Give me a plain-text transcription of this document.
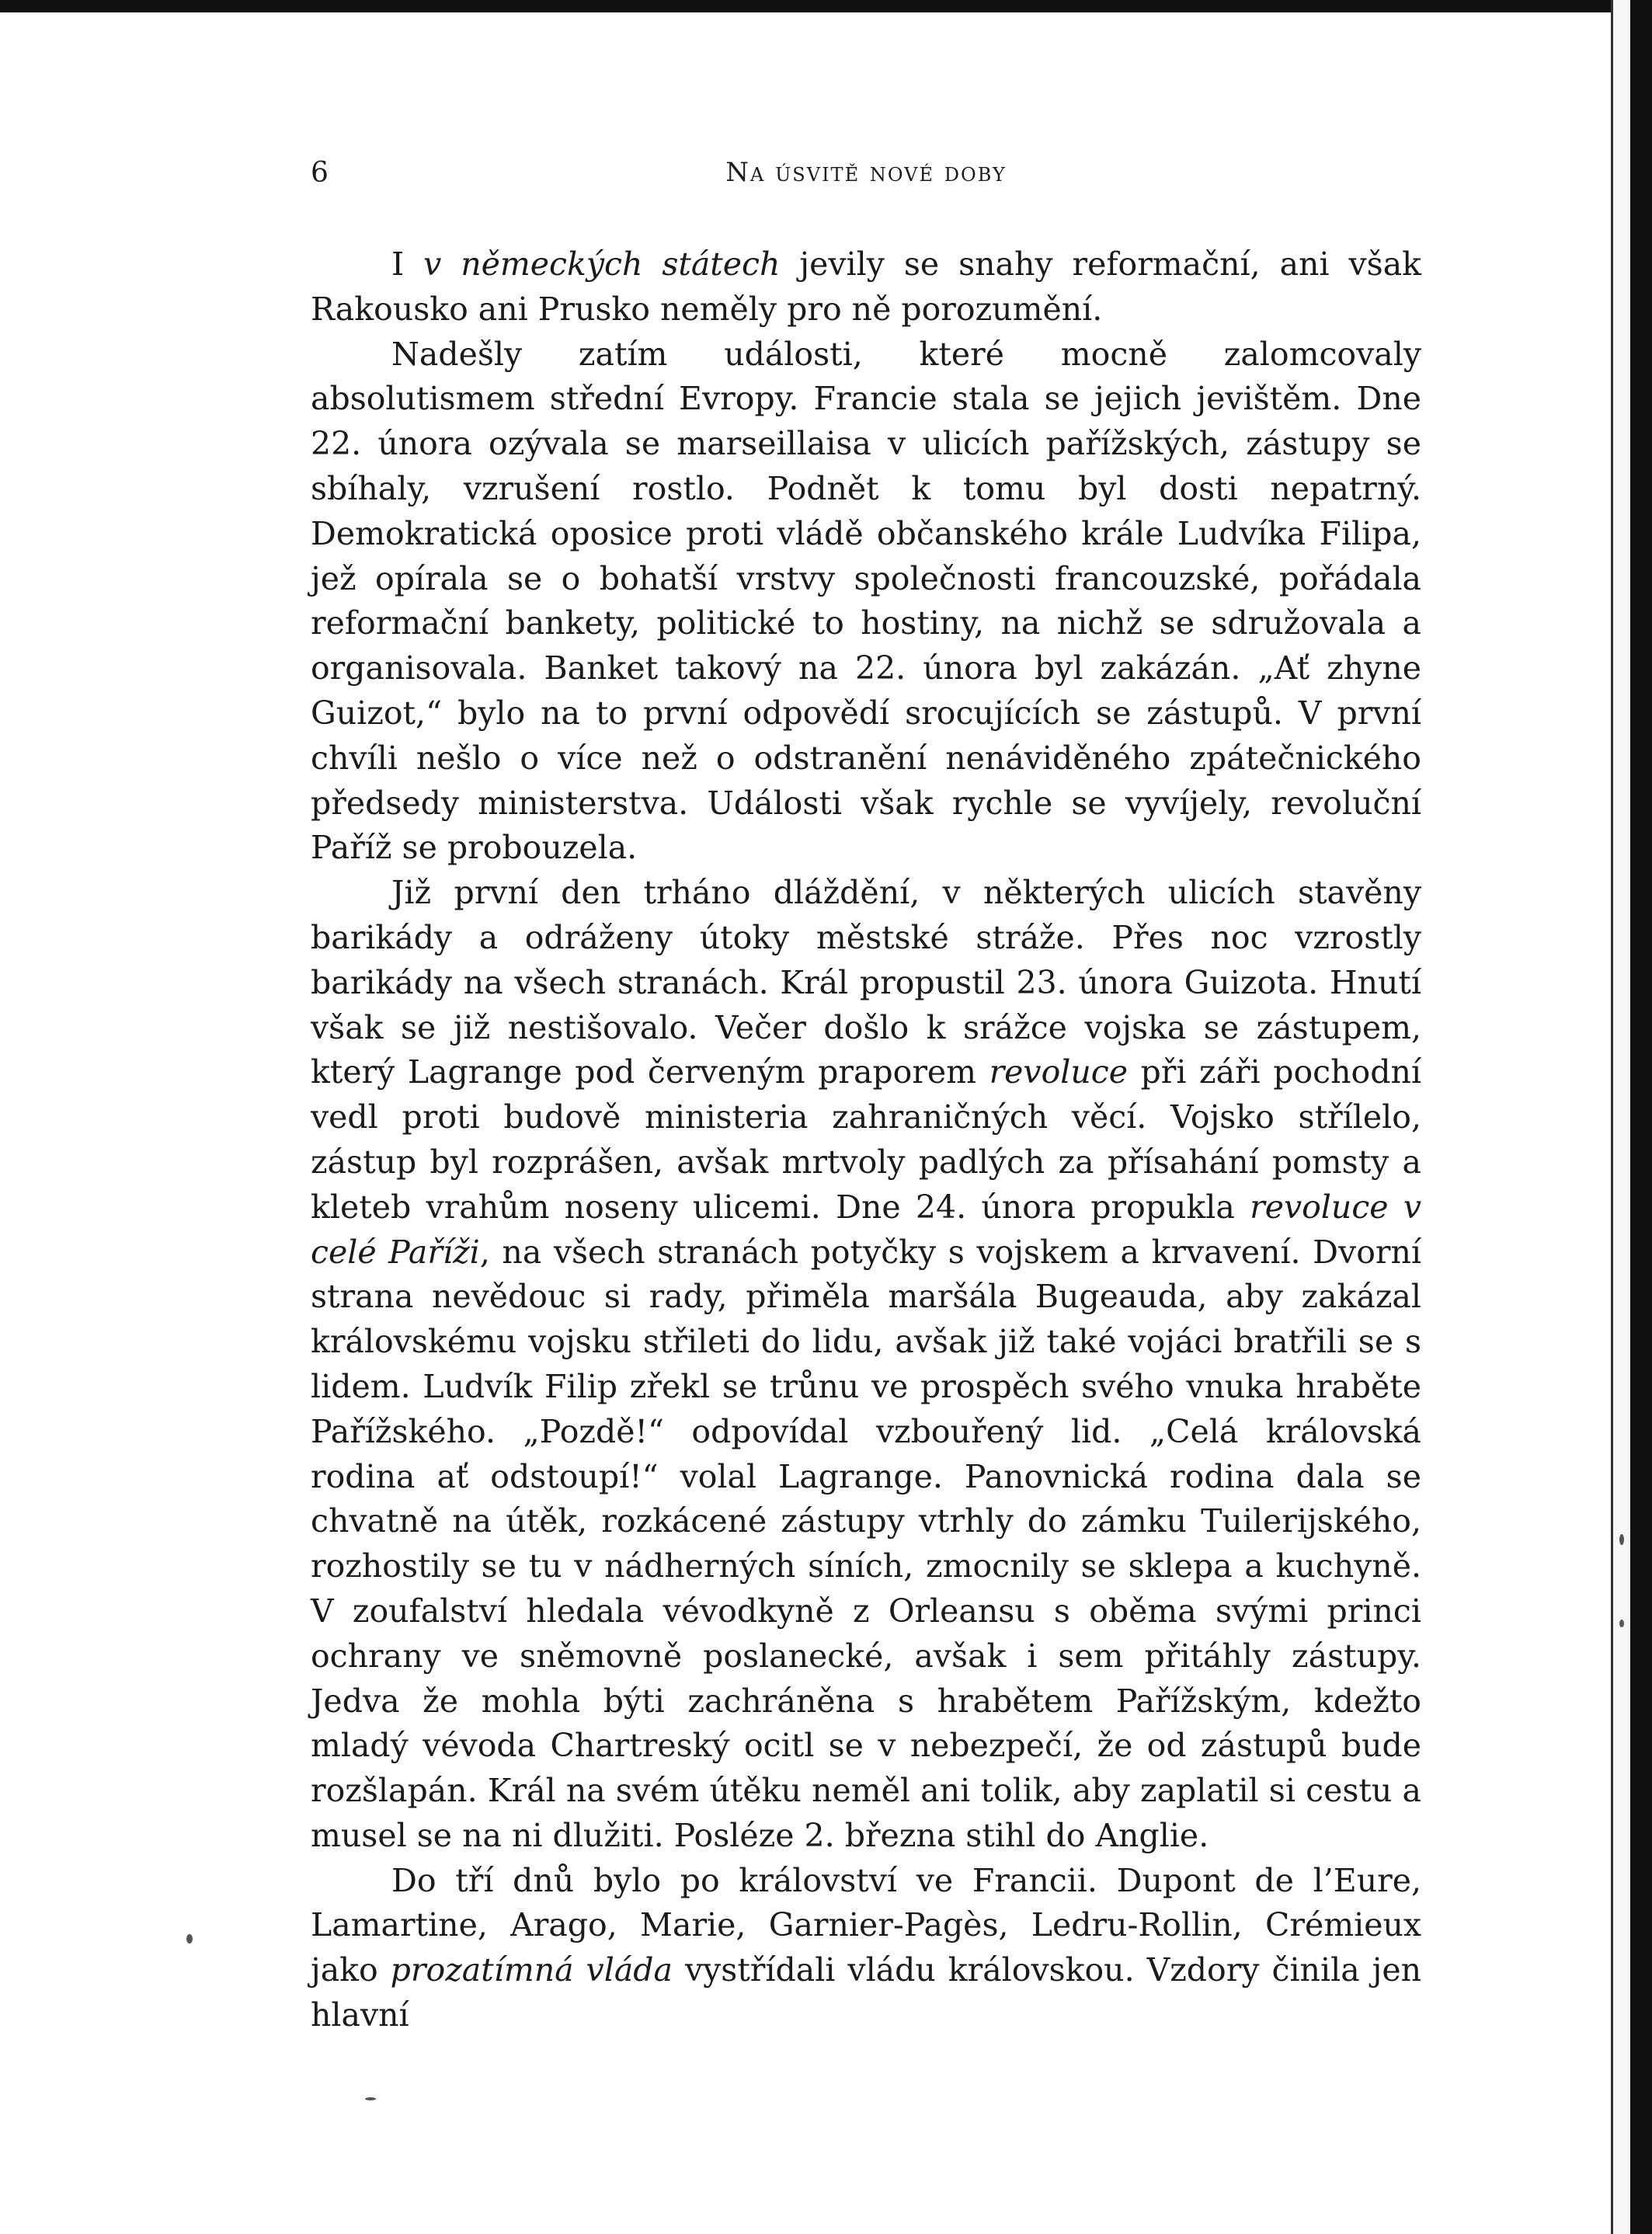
6	Na úsvitě nové doby

I v německých státech jevily se snahy reformační, ani však Rakousko ani Prusko neměly pro ně porozumění.

Nadešly zatím události, které mocně zalomcovaly absolutismem střední Evropy. Francie stala se jejich jevištěm. Dne 22. února ozývala se marseillaisa v ulicích pařížských, zástupy se sbíhaly, vzrušení rostlo. Podnět k tomu byl dosti nepatrný. Demokratická oposice proti vládě občanského krále Ludvíka Filipa, jež opírala se o bohatší vrstvy společnosti francouzské, pořádala reformační bankety, politické to hostiny, na nichž se sdružovala a organisovala. Banket takový na 22. února byl zakázán. „Ať zhyne Guizot,“ bylo na to první odpovědí srocujících se zástupů. V první chvíli nešlo o více než o odstranění nenáviděného zpátečnického předsedy ministerstva. Události však rychle se vyvíjely, revoluční Paříž se probouzela.

Již první den trháno dláždění, v některých ulicích stavěny barikády a odráženy útoky městské stráže. Přes noc vzrostly barikády na všech stranách. Král propustil 23. února Guizota. Hnutí však se již nestišovalo. Večer došlo k srážce vojska se zástupem, který Lagrange pod červeným praporem revoluce při záři pochodní vedl proti budově ministeria zahraničných věcí. Vojsko střílelo, zástup byl rozprášen, avšak mrtvoly padlých za přísahání pomsty a kleteb vrahům noseny ulicemi. Dne 24. února propukla revoluce v celé Paříži, na všech stranách potyčky s vojskem a krvavení. Dvorní strana nevědouc si rady, přiměla maršála Bugeauda, aby zakázal královskému vojsku střileti do lidu, avšak již také vojáci bratřili se s lidem. Ludvík Filip zřekl se trůnu ve prospěch svého vnuka hraběte Pařížského. „Pozdě!“ odpovídal vzbouřený lid. „Celá královská rodina ať odstoupí!“ volal Lagrange. Panovnická rodina dala se chvatně na útěk, rozkácené zástupy vtrhly do zámku Tuilerijského, rozhostily se tu v nádherných síních, zmocnily se sklepa a kuchyně. V zoufalství hledala vévodkyně z Orleansu s oběma svými princi ochrany ve sněmovně poslanecké, avšak i sem přitáhly zástupy. Jedva že mohla býti zachráněna s hrabětem Pařížským, kdežto mladý vévoda Chartreský ocitl se v nebezpečí, že od zástupů bude rozšlapán. Král na svém útěku neměl ani tolik, aby zaplatil si cestu a musel se na ni dlužiti. Posléze 2. března stihl do Anglie.

Do tří dnů bylo po království ve Francii. Dupont de l’Eure, Lamartine, Arago, Marie, Garnier-Pagès, Ledru-Rollin, Crémieux jako prozatímná vláda vystřídali vládu královskou. Vzdory činila jen hlavní
